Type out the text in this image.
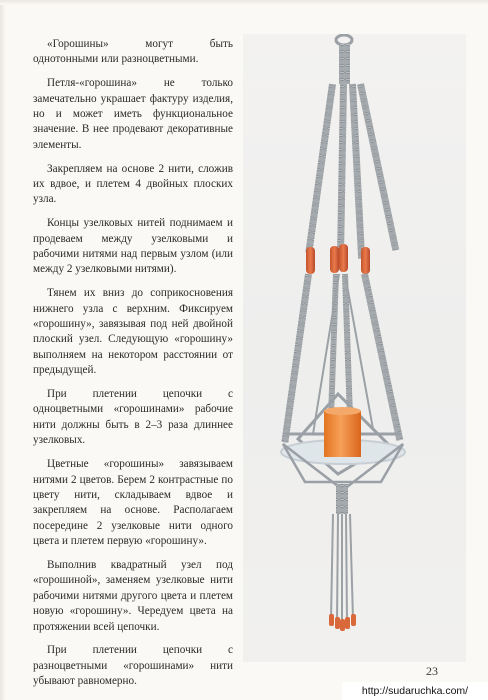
«Горошины» могут быть однотонными или разноцветными.

Петля-«горошина» не только замечательно украшает фактуру изделия, но и может иметь функциональное значение. В нее продевают декоративные элементы.

Закрепляем на основе 2 нити, сложив их вдвое, и плетем 4 двойных плоских узла.

Концы узелковых нитей поднимаем и продеваем между узелковыми и рабочими нитями над первым узлом (или между 2 узелковыми нитями).

Тянем их вниз до соприкосновения нижнего узла с верхним. Фиксируем «горошину», завязывая под ней двойной плоский узел. Следующую «горошину» выполняем на некотором расстоянии от предыдущей.

При плетении цепочки с одноцветными «горошинами» рабочие нити должны быть в 2–3 раза длиннее узелковых.

Цветные «горошины» завязываем нитями 2 цветов. Берем 2 контрастные по цвету нити, складываем вдвое и закрепляем на основе. Располагаем посередине 2 узелковые нити одного цвета и плетем первую «горошину».

Выполнив квадратный узел под «горошиной», заменяем узелковые нити рабочими нитями другого цвета и плетем новую «горошину». Чередуем цвета на протяжении всей цепочки.

При плетении цепочки с разноцветными «горошинами» нити убывают равномерно.

23
http://sudaruchka.com/
